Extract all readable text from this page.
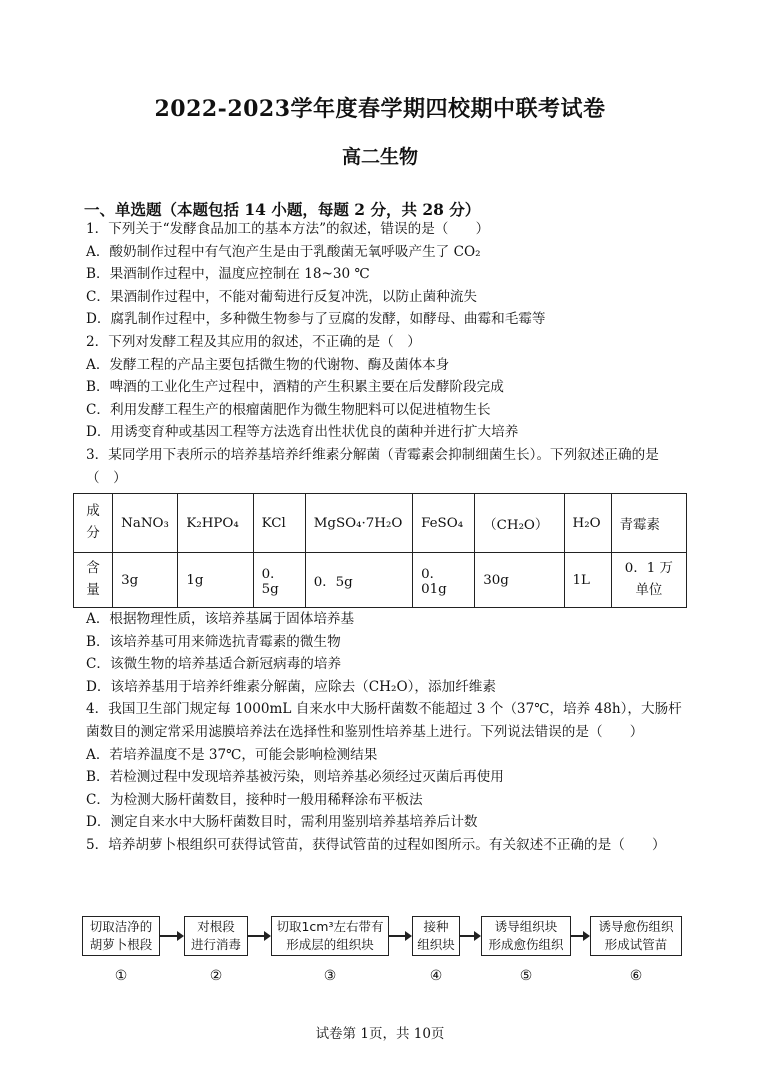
2022-2023学年度春学期四校期中联考试卷
高二生物
一、单选题（本题包括 14 小题，每题 2 分，共 28 分）
1．下列关于“发酵食品加工的基本方法”的叙述，错误的是（　　）
A．酸奶制作过程中有气泡产生是由于乳酸菌无氧呼吸产生了 CO₂
B．果酒制作过程中，温度应控制在 18~30 ℃
C．果酒制作过程中，不能对葡萄进行反复冲洗，以防止菌种流失
D．腐乳制作过程中，多种微生物参与了豆腐的发酵，如酵母、曲霉和毛霉等
2．下列对发酵工程及其应用的叙述，不正确的是（　）
A．发酵工程的产品主要包括微生物的代谢物、酶及菌体本身
B．啤酒的工业化生产过程中，酒精的产生积累主要在后发酵阶段完成
C．利用发酵工程生产的根瘤菌肥作为微生物肥料可以促进植物生长
D．用诱变育种或基因工程等方法选育出性状优良的菌种并进行扩大培养
3．某同学用下表所示的培养基培养纤维素分解菌（青霉素会抑制细菌生长）。下列叙述正确的是（　）
成分	NaNO₃	K₂HPO₄	KCl	MgSO₄·7H₂O	FeSO₄	（CH₂O）	H₂O	青霉素
含量	3g	1g	0．5g	0．5g	0．01g	30g	1L	0．1 万单位
A．根据物理性质，该培养基属于固体培养基
B．该培养基可用来筛选抗青霉素的微生物
C．该微生物的培养基适合新冠病毒的培养
D．该培养基用于培养纤维素分解菌，应除去（CH₂O），添加纤维素
4．我国卫生部门规定每 1000mL 自来水中大肠杆菌数不能超过 3 个（37℃，培养 48h），大肠杆菌数目的测定常采用滤膜培养法在选择性和鉴别性培养基上进行。下列说法错误的是（　　）
A．若培养温度不是 37℃，可能会影响检测结果
B．若检测过程中发现培养基被污染，则培养基必须经过灭菌后再使用
C．为检测大肠杆菌数目，接种时一般用稀释涂布平板法
D．测定自来水中大肠杆菌数目时，需利用鉴别培养基培养后计数
5．培养胡萝卜根组织可获得试管苗，获得试管苗的过程如图所示。有关叙述不正确的是（　　）
切取洁净的
胡萝卜根段
对根段
进行消毒
切取1cm³左右带有
形成层的组织块
接种
组织块
诱导组织块
形成愈伤组织
诱导愈伤组织
形成试管苗
①	②	③	④	⑤	⑥
试卷第 1页，共 10页
